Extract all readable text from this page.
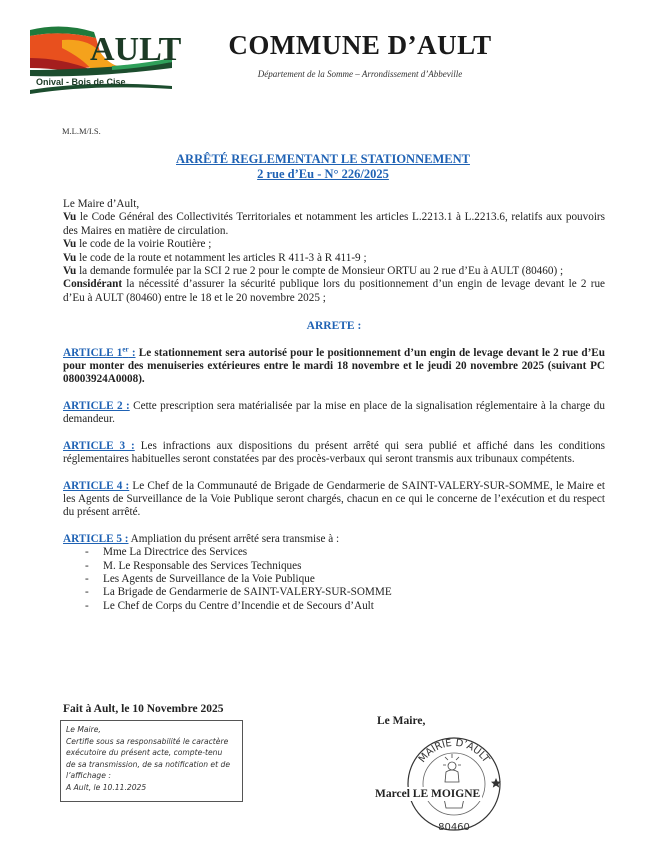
AULT
Onival - Bois de Cise
COMMUNE D’AULT
Département de la Somme – Arrondissement d’Abbeville
M.L.M/I.S.
ARRÊTÉ REGLEMENTANT LE STATIONNEMENT
2 rue d’Eu - N° 226/2025

Le Maire d’Ault,

Vu le Code Général des Collectivités Territoriales et notamment les articles L.2213.1 à L.2213.6, relatifs aux pouvoirs des Maires en matière de circulation.

Vu le code de la voirie Routière ;

Vu le code de la route et notamment les articles R 411-3 à R 411-9 ;

Vu la demande formulée par la SCI 2 rue 2 pour le compte de Monsieur ORTU au 2 rue d’Eu à AULT (80460) ;

Considérant la nécessité d’assurer la sécurité publique lors du positionnement d’un engin de levage devant le 2 rue d’Eu à AULT (80460) entre le 18 et le 20 novembre 2025 ;

ARRETE :

ARTICLE 1er : Le stationnement sera autorisé pour le positionnement d’un engin de levage devant le 2 rue d’Eu pour monter des menuiseries extérieures entre le mardi 18 novembre et le jeudi 20 novembre 2025 (suivant PC 08003924A0008).

ARTICLE 2 : Cette prescription sera matérialisée par la mise en place de la signalisation réglementaire à la charge du demandeur.

ARTICLE 3 : Les infractions aux dispositions du présent arrêté qui sera publié et affiché dans les conditions réglementaires habituelles seront constatées par des procès-verbaux qui seront transmis aux tribunaux compétents.

ARTICLE 4 : Le Chef de la Communauté de Brigade de Gendarmerie de SAINT-VALERY-SUR-SOMME, le Maire et les Agents de Surveillance de la Voie Publique seront chargés, chacun en ce qui le concerne de l’exécution et du respect du présent arrêté.

ARTICLE 5 : Ampliation du présent arrêté sera transmise à :

- Mme La Directrice des Services
- M. Le Responsable des Services Techniques
- Les Agents de Surveillance de la Voie Publique
- La Brigade de Gendarmerie de SAINT-VALERY-SUR-SOMME
- Le Chef de Corps du Centre d’Incendie et de Secours d’Ault
Fait à Ault, le 10 Novembre 2025
Le Maire,
Certifie sous sa responsabilité le caractère
exécutoire du présent acte, compte-tenu
de sa transmission, de sa notification et de
l’affichage :
A Ault, le 10.11.2025
Le Maire,
MAIRIE D’AULT
80460
Marcel LE MOIGNE
